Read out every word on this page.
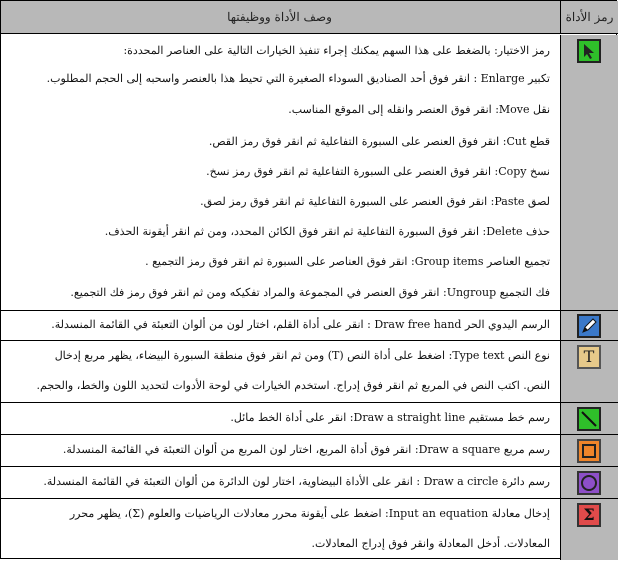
وصف الأداة ووظيفتها	رمز الأداة
رمز الاختيار: بالضغط على هذا السهم يمكنك إجراء تنفيذ الخيارات التالية على العناصر المحددة:
تكبير Enlarge : انقر فوق أحد الصناديق السوداء الصغيرة التي تحيط هذا بالعنصر واسحبه إلى الحجم المطلوب.
نقل Move: انقر فوق العنصر وانقله إلى الموقع المناسب.
قطع Cut: انقر فوق العنصر على السبورة التفاعلية ثم انقر فوق رمز القص.
نسخ Copy: انقر فوق العنصر على السبورة التفاعلية ثم انقر فوق رمز نسخ.
لصق Paste: انقر فوق العنصر على السبورة التفاعلية ثم انقر فوق رمز لصق.
حذف Delete: انقر فوق السبورة التفاعلية ثم انقر فوق الكائن المحدد، ومن ثم انقر أيقونة الحذف.
تجميع العناصر Group items: انقر فوق العناصر على السبورة ثم انقر فوق رمز التجميع .
فك التجميع Ungroup: انقر فوق العنصر في المجموعة والمراد تفكيكه ومن ثم انقر فوق رمز فك التجميع.
الرسم اليدوي الحر Draw free hand : انقر على أداة القلم، اختار لون من ألوان التعبئة في القائمة المنسدلة.
نوع النص Type text: اضغط على أداة النص (T) ومن ثم انقر فوق منطقة السبورة البيضاء، يظهر مربع إدخال
النص. اكتب النص في المربع ثم انقر فوق إدراج. استخدم الخيارات في لوحة الأدوات لتحديد اللون والخط، والحجم.
T
رسم خط مستقيم Draw a straight line: انقر على أداة الخط مائل.
رسم مربع Draw a square: انقر فوق أداة المربع، اختار لون المربع من ألوان التعبئة في القائمة المنسدلة.
رسم دائرة Draw a circle : انقر على الأداة البيضاوية، اختار لون الدائرة من ألوان التعبئة في القائمة المنسدلة.
إدخال معادلة Input an equation: اضغط على أيقونة محرر معادلات الرياضيات والعلوم (Σ)، يظهر محرر
المعادلات. أدخل المعادلة وانقر فوق إدراج المعادلات.
Σ
